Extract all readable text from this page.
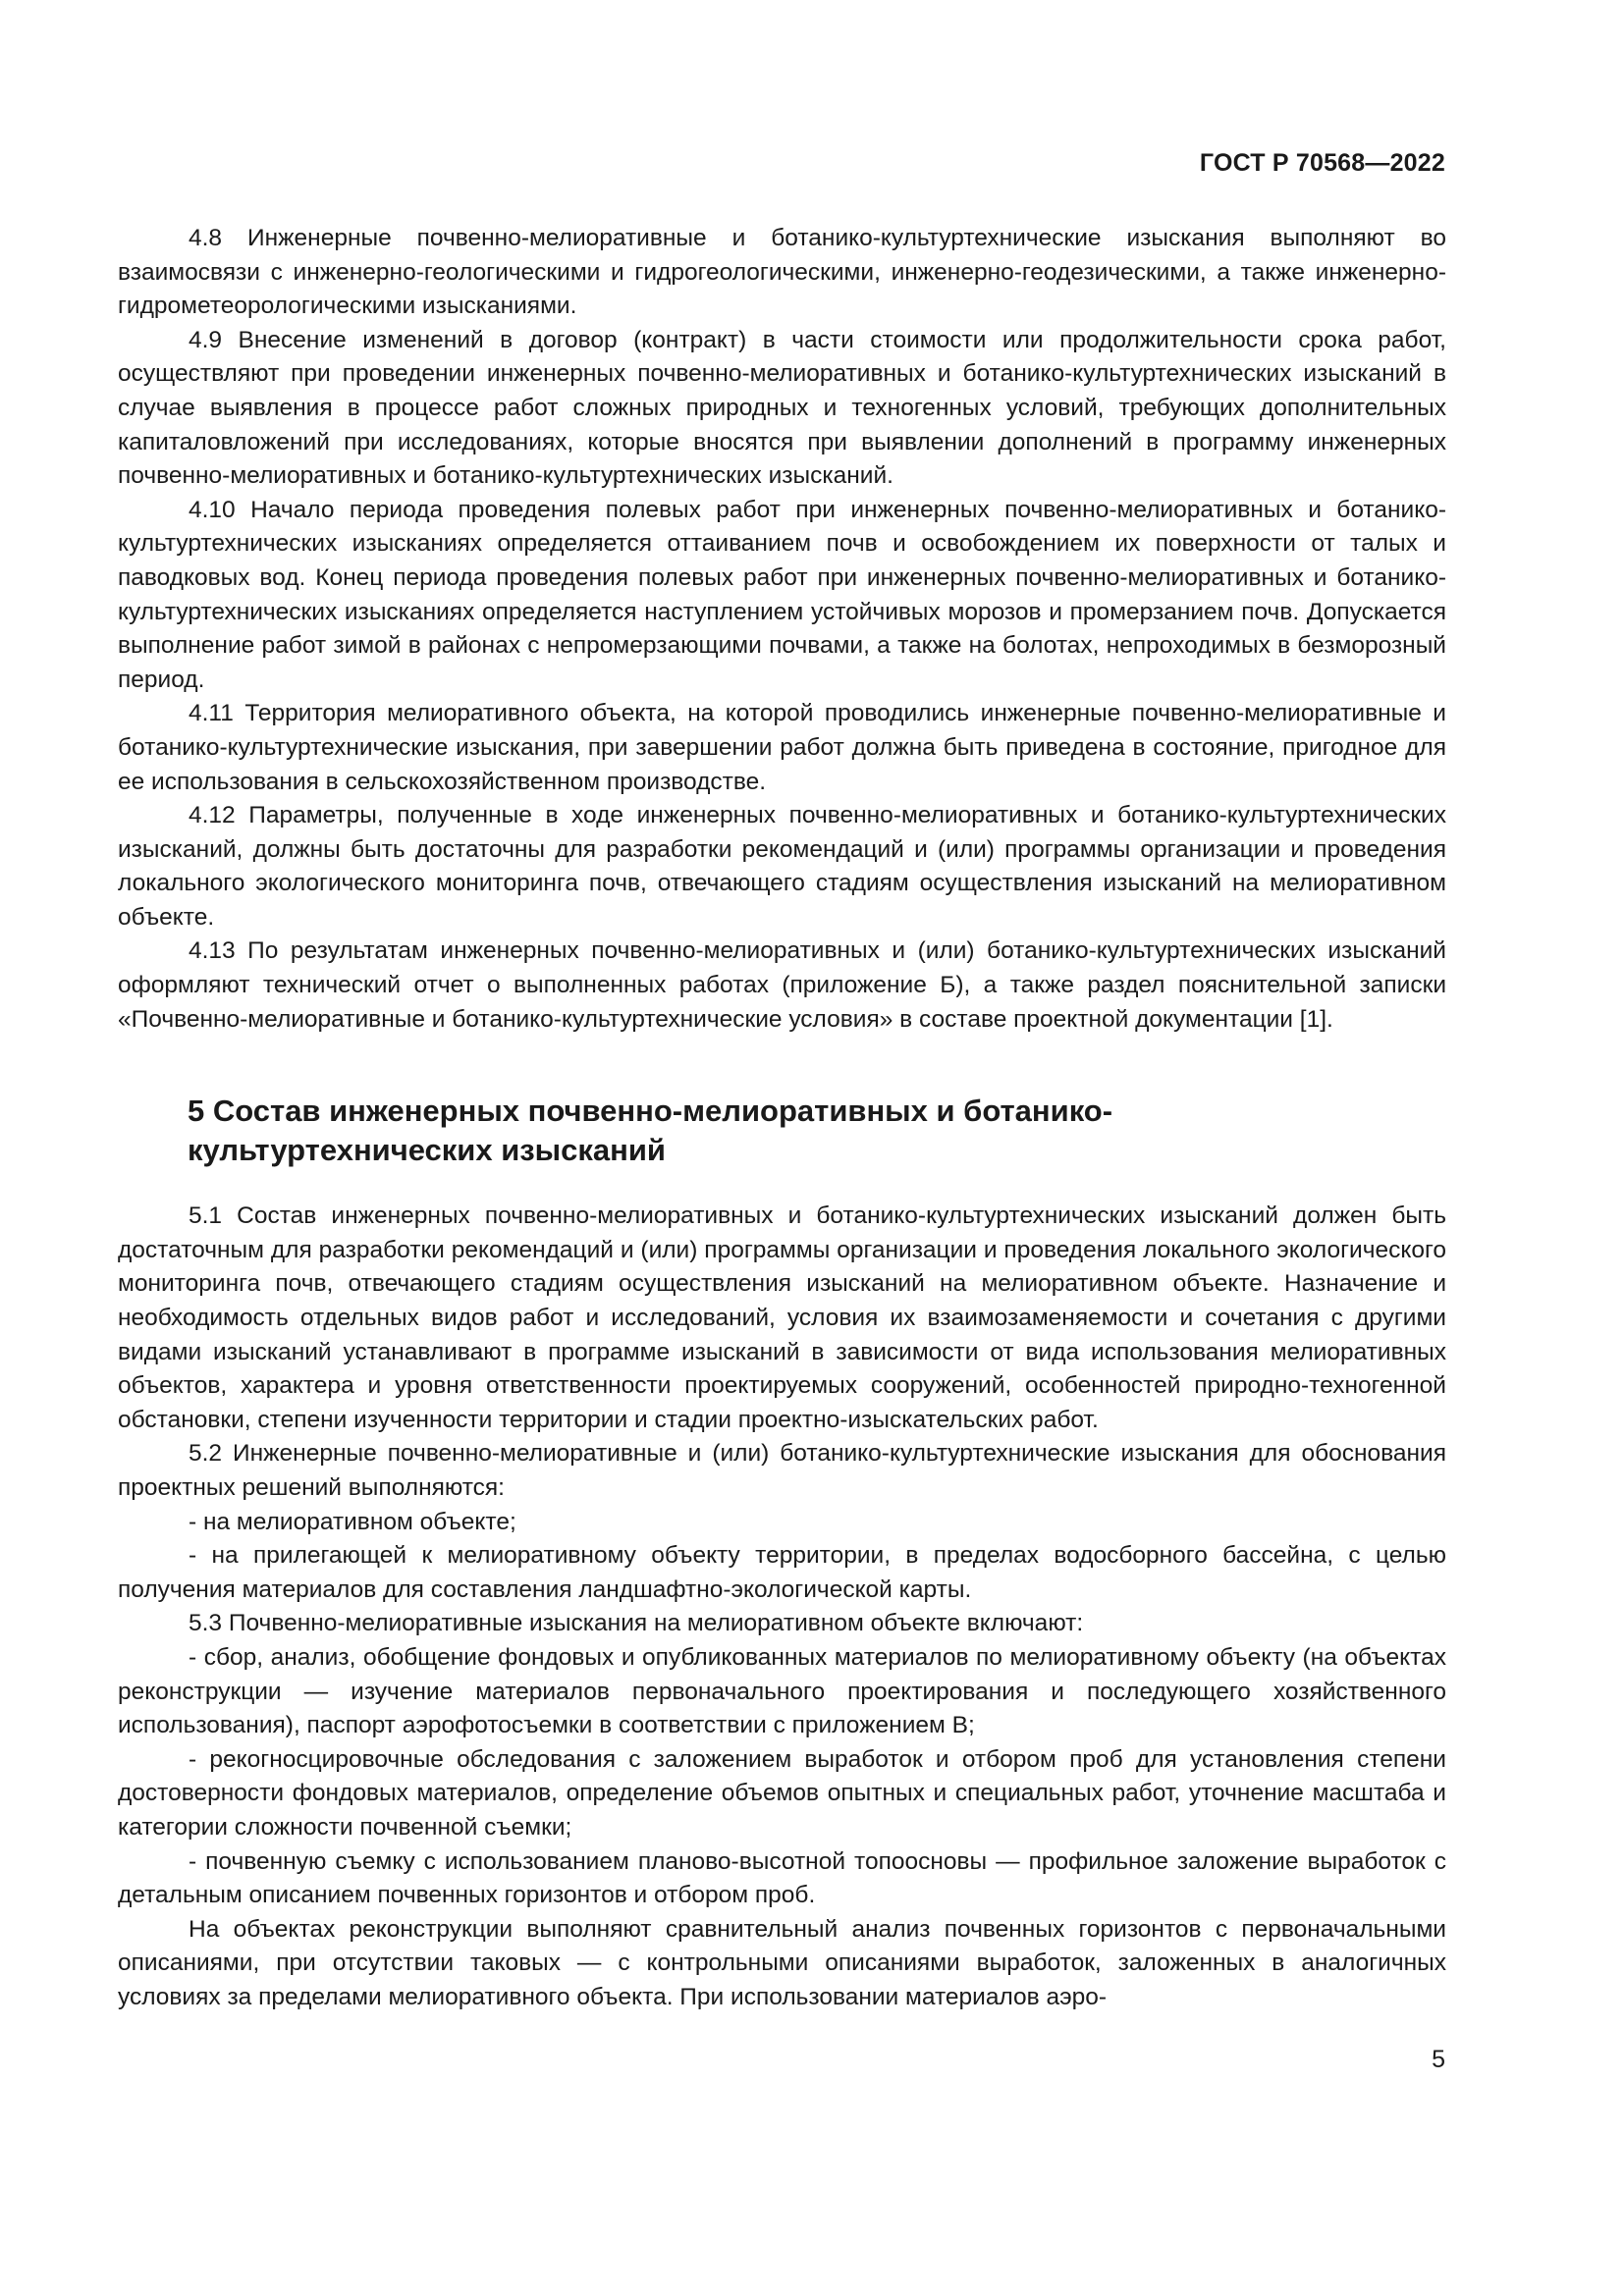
ГОСТ Р 70568—2022

4.8 Инженерные почвенно-мелиоративные и ботанико-культуртехнические изыскания выполняют во взаимосвязи с инженерно-геологическими и гидрогеологическими, инженерно-геодезическими, а также инженерно-гидрометеорологическими изысканиями.

4.9 Внесение изменений в договор (контракт) в части стоимости или продолжительности срока работ, осуществляют при проведении инженерных почвенно-мелиоративных и ботанико-культуртехнических изысканий в случае выявления в процессе работ сложных природных и техногенных условий, требующих дополнительных капиталовложений при исследованиях, которые вносятся при выявлении дополнений в программу инженерных почвенно-мелиоративных и ботанико-культуртехнических изысканий.

4.10 Начало периода проведения полевых работ при инженерных почвенно-мелиоративных и ботанико-культуртехнических изысканиях определяется оттаиванием почв и освобождением их поверхности от талых и паводковых вод. Конец периода проведения полевых работ при инженерных почвенно-мелиоративных и ботанико-культуртехнических изысканиях определяется наступлением устойчивых морозов и промерзанием почв. Допускается выполнение работ зимой в районах с непромерзающими почвами, а также на болотах, непроходимых в безморозный период.

4.11 Территория мелиоративного объекта, на которой проводились инженерные почвенно-мелиоративные и ботанико-культуртехнические изыскания, при завершении работ должна быть приведена в состояние, пригодное для ее использования в сельскохозяйственном производстве.

4.12 Параметры, полученные в ходе инженерных почвенно-мелиоративных и ботанико-культуртехнических изысканий, должны быть достаточны для разработки рекомендаций и (или) программы организации и проведения локального экологического мониторинга почв, отвечающего стадиям осуществления изысканий на мелиоративном объекте.

4.13 По результатам инженерных почвенно-мелиоративных и (или) ботанико-культуртехнических изысканий оформляют технический отчет о выполненных работах (приложение Б), а также раздел пояснительной записки «Почвенно-мелиоративные и ботанико-культуртехнические условия» в составе проектной документации [1].

5 Состав инженерных почвенно-мелиоративных и ботанико-
культуртехнических изысканий

5.1 Состав инженерных почвенно-мелиоративных и ботанико-культуртехнических изысканий должен быть достаточным для разработки рекомендаций и (или) программы организации и проведения локального экологического мониторинга почв, отвечающего стадиям осуществления изысканий на мелиоративном объекте. Назначение и необходимость отдельных видов работ и исследований, условия их взаимозаменяемости и сочетания с другими видами изысканий устанавливают в программе изысканий в зависимости от вида использования мелиоративных объектов, характера и уровня ответственности проектируемых сооружений, особенностей природно-техногенной обстановки, степени изученности территории и стадии проектно-изыскательских работ.

5.2 Инженерные почвенно-мелиоративные и (или) ботанико-культуртехнические изыскания для обоснования проектных решений выполняются:

- на мелиоративном объекте;

- на прилегающей к мелиоративному объекту территории, в пределах водосборного бассейна, с целью получения материалов для составления ландшафтно-экологической карты.

5.3 Почвенно-мелиоративные изыскания на мелиоративном объекте включают:

- сбор, анализ, обобщение фондовых и опубликованных материалов по мелиоративному объекту (на объектах реконструкции — изучение материалов первоначального проектирования и последующего хозяйственного использования), паспорт аэрофотосъемки в соответствии с приложением В;

- рекогносцировочные обследования с заложением выработок и отбором проб для установления степени достоверности фондовых материалов, определение объемов опытных и специальных работ, уточнение масштаба и категории сложности почвенной съемки;

- почвенную съемку с использованием планово-высотной топоосновы — профильное заложение выработок с детальным описанием почвенных горизонтов и отбором проб.

На объектах реконструкции выполняют сравнительный анализ почвенных горизонтов с первоначальными описаниями, при отсутствии таковых — с контрольными описаниями выработок, заложенных в аналогичных условиях за пределами мелиоративного объекта. При использовании материалов аэро-

5
